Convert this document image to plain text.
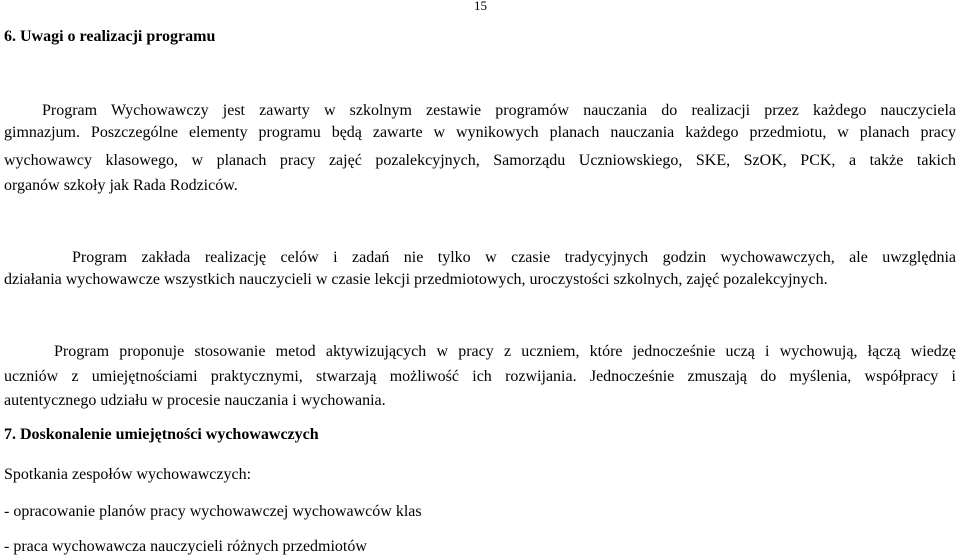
15
6. Uwagi o realizacji programu
Program Wychowawczy jest zawarty w szkolnym zestawie programów nauczania do realizacji przez każdego nauczyciela
gimnazjum. Poszczególne elementy programu będą zawarte w wynikowych planach nauczania każdego przedmiotu, w planach pracy
wychowawcy klasowego, w planach pracy zajęć pozalekcyjnych, Samorządu Uczniowskiego, SKE, SzOK, PCK, a także takich
organów szkoły jak Rada Rodziców.
Program zakłada realizację celów i zadań nie tylko w czasie tradycyjnych godzin wychowawczych, ale uwzględnia
działania wychowawcze wszystkich nauczycieli w czasie lekcji przedmiotowych, uroczystości szkolnych, zajęć pozalekcyjnych.
Program proponuje stosowanie metod aktywizujących w pracy z uczniem, które jednocześnie uczą i wychowują, łączą wiedzę
uczniów z umiejętnościami praktycznymi, stwarzają możliwość ich rozwijania. Jednocześnie zmuszają do myślenia, współpracy i
autentycznego udziału w procesie nauczania i wychowania.
7. Doskonalenie umiejętności wychowawczych
Spotkania zespołów wychowawczych:
- opracowanie planów pracy wychowawczej wychowawców klas
- praca wychowawcza nauczycieli różnych przedmiotów
